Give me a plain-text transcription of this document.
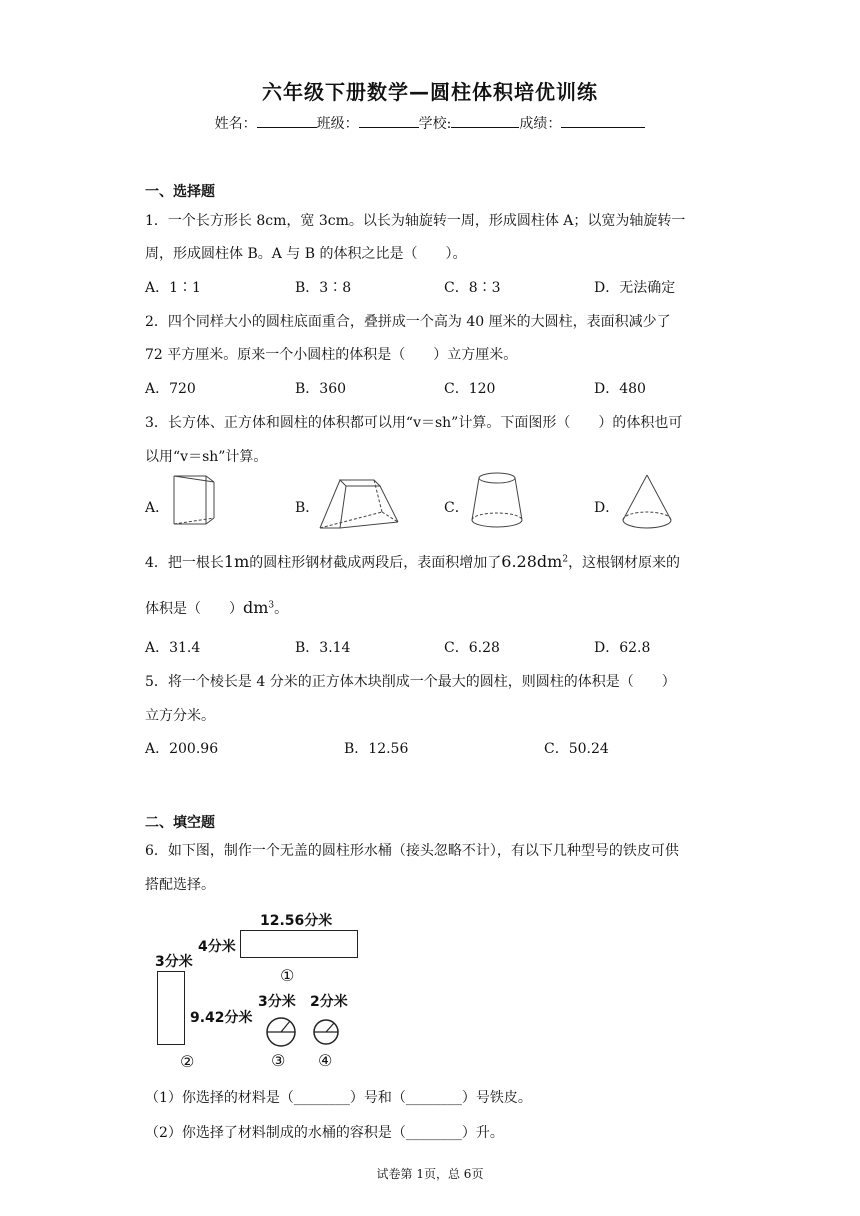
六年级下册数学—圆柱体积培优训练
姓名：	班级：	学校:	成绩：
一、选择题
1．一个长方形长 8cm，宽 3cm。以长为轴旋转一周，形成圆柱体 A；以宽为轴旋转一
周，形成圆柱体 B。A 与 B 的体积之比是（　　）。
A．1∶1	B．3∶8	C．8∶3	D．无法确定
2．四个同样大小的圆柱底面重合，叠拼成一个高为 40 厘米的大圆柱，表面积减少了
72 平方厘米。原来一个小圆柱的体积是（　　）立方厘米。
A．720	B．360	C．120	D．480
3．长方体、正方体和圆柱的体积都可以用“v＝sh”计算。下面图形（　　）的体积也可
以用“v＝sh”计算。
A．	B．	C．	D．
4．把一根长1m的圆柱形钢材截成两段后，表面积增加了$6.28dm^2$，这根钢材原来的
体积是（　　）$dm^3$。
A．31.4	B．3.14	C．6.28	D．62.8
5．将一个棱长是 4 分米的正方体木块削成一个最大的圆柱，则圆柱的体积是（　　）
立方分米。
A．200.96	B．12.56	C．50.24
二、填空题
6．如下图，制作一个无盖的圆柱形水桶（接头忽略不计），有以下几种型号的铁皮可供
搭配选择。
12.56分米
4分米
①
3分米
9.42分米
②
3分米
③
2分米
④
（1）你选择的材料是（________）号和（________）号铁皮。
（2）你选择了材料制成的水桶的容积是（________）升。
试卷第 1页，总 6页
